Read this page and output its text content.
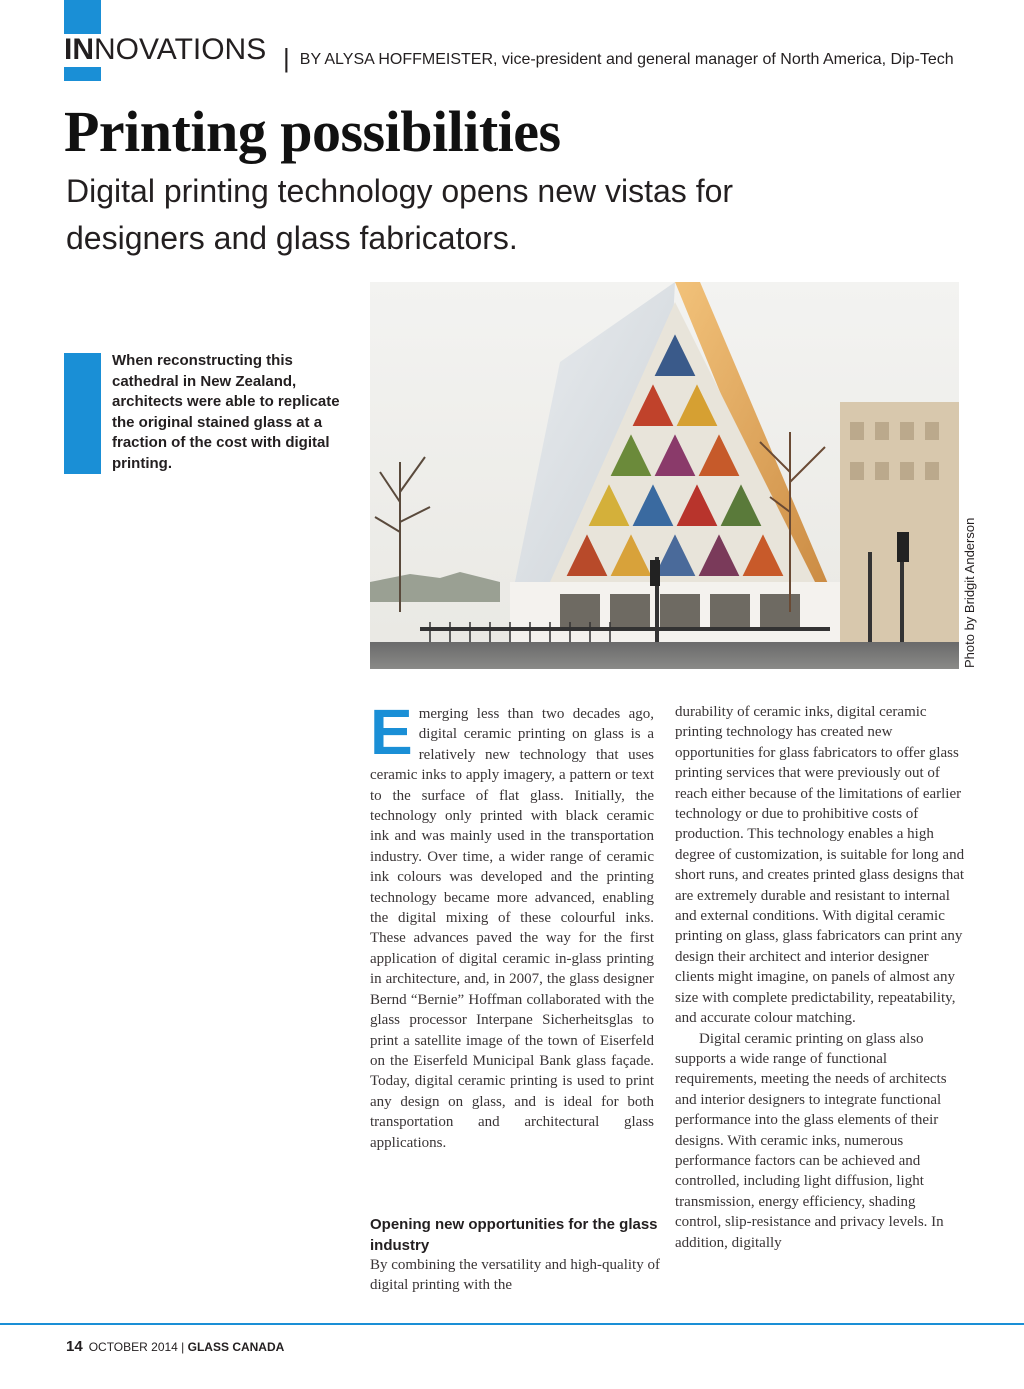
INNOVATIONS | BY ALYSA HOFFMEISTER, vice-president and general manager of North America, Dip-Tech
Printing possibilities
Digital printing technology opens new vistas for designers and glass fabricators.
When reconstructing this cathedral in New Zealand, architects were able to replicate the original stained glass at a fraction of the cost with digital printing.
Photo by Bridgit Anderson
Emerging less than two decades ago, digital ceramic printing on glass is a relatively new technology that uses ceramic inks to apply imagery, a pattern or text to the surface of flat glass. Initially, the technology only printed with black ceramic ink and was mainly used in the transportation industry. Over time, a wider range of ceramic ink colours was developed and the printing technology became more advanced, enabling the digital mixing of these colourful inks. These advances paved the way for the first application of digital ceramic in-glass printing in architecture, and, in 2007, the glass designer Bernd “Bernie” Hoffman collaborated with the glass processor Interpane Sicherheitsglas to print a satellite image of the town of Eiserfeld on the Eiserfeld Municipal Bank glass façade. Today, digital ceramic printing is used to print any design on glass, and is ideal for both transportation and architectural glass applications.
Opening new opportunities for the glass industry
By combining the versatility and high-quality of digital printing with the

durability of ceramic inks, digital ceramic printing technology has created new opportunities for glass fabricators to offer glass printing services that were previously out of reach either because of the limitations of earlier technology or due to prohibitive costs of production. This technology enables a high degree of customization, is suitable for long and short runs, and creates printed glass designs that are extremely durable and resistant to internal and external conditions. With digital ceramic printing on glass, glass fabricators can print any design their architect and interior designer clients might imagine, on panels of almost any size with complete predictability, repeatability, and accurate colour matching.

Digital ceramic printing on glass also supports a wide range of functional requirements, meeting the needs of architects and interior designers to integrate functional performance into the glass elements of their designs. With ceramic inks, numerous performance factors can be achieved and controlled, including light diffusion, light transmission, energy efficiency, shading control, slip-resistance and privacy levels. In addition, digitally

14 OCTOBER 2014 | GLASS CANADA
